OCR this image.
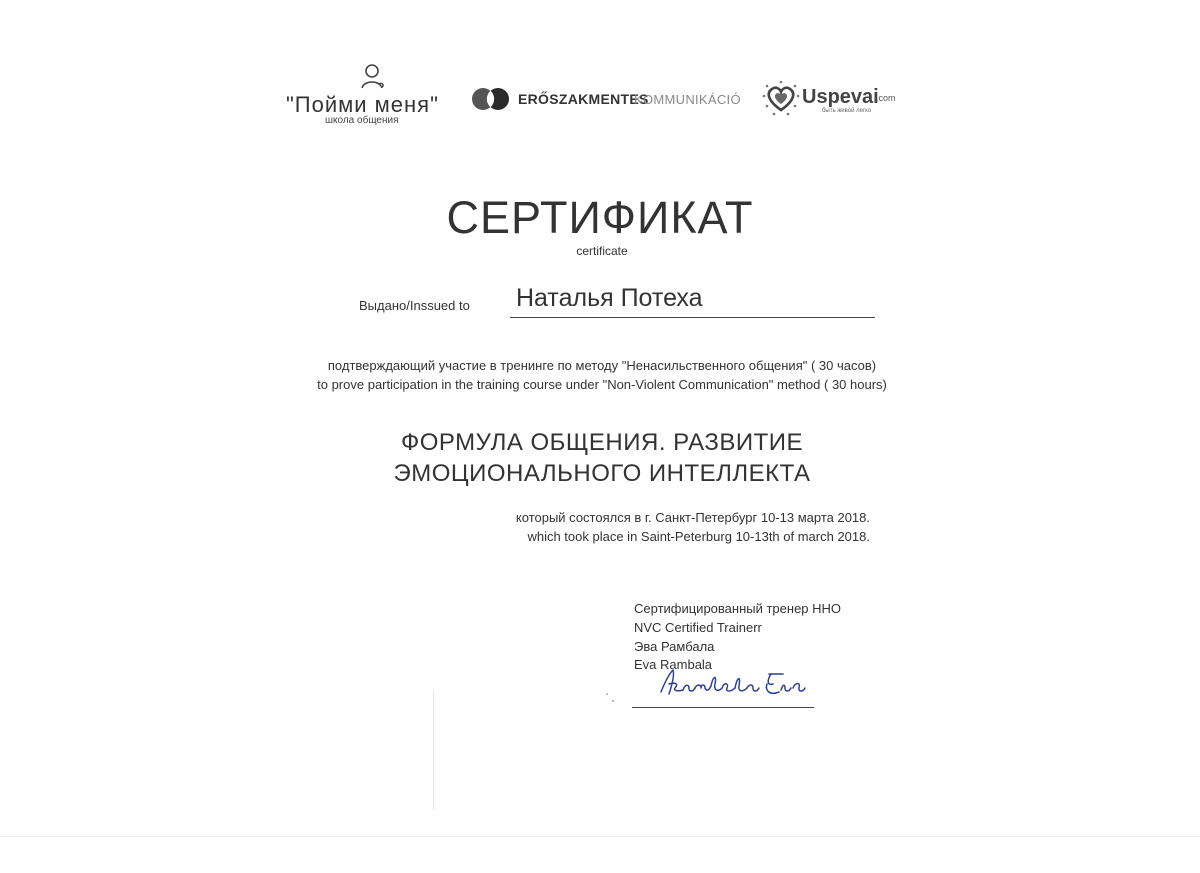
"Пойми меня"
школа общения
ERŐSZAKMENTES
KOMMUNIKÁCIÓ	Uspevai
.com
быть живой легко
СЕРТИФИКАТ
certificate
Выдано/Inssued to Наталья Потеха
подтверждающий участие в тренинге по методу "Ненасильственного общения" ( 30 часов)
to prove participation in the training course under "Non-Violent Communication" method ( 30 hours)
ФОРМУЛА ОБЩЕНИЯ. РАЗВИТИЕ
ЭМОЦИОНАЛЬНОГО ИНТЕЛЛЕКТА
который состоялся в г. Санкт-Петербург 10-13 марта 2018.
which took place in Saint-Peterburg 10-13th of march 2018.
Сертифицированный тренер ННО
NVC Certified Trainerr
Эва Рамбала
Eva Rambala
